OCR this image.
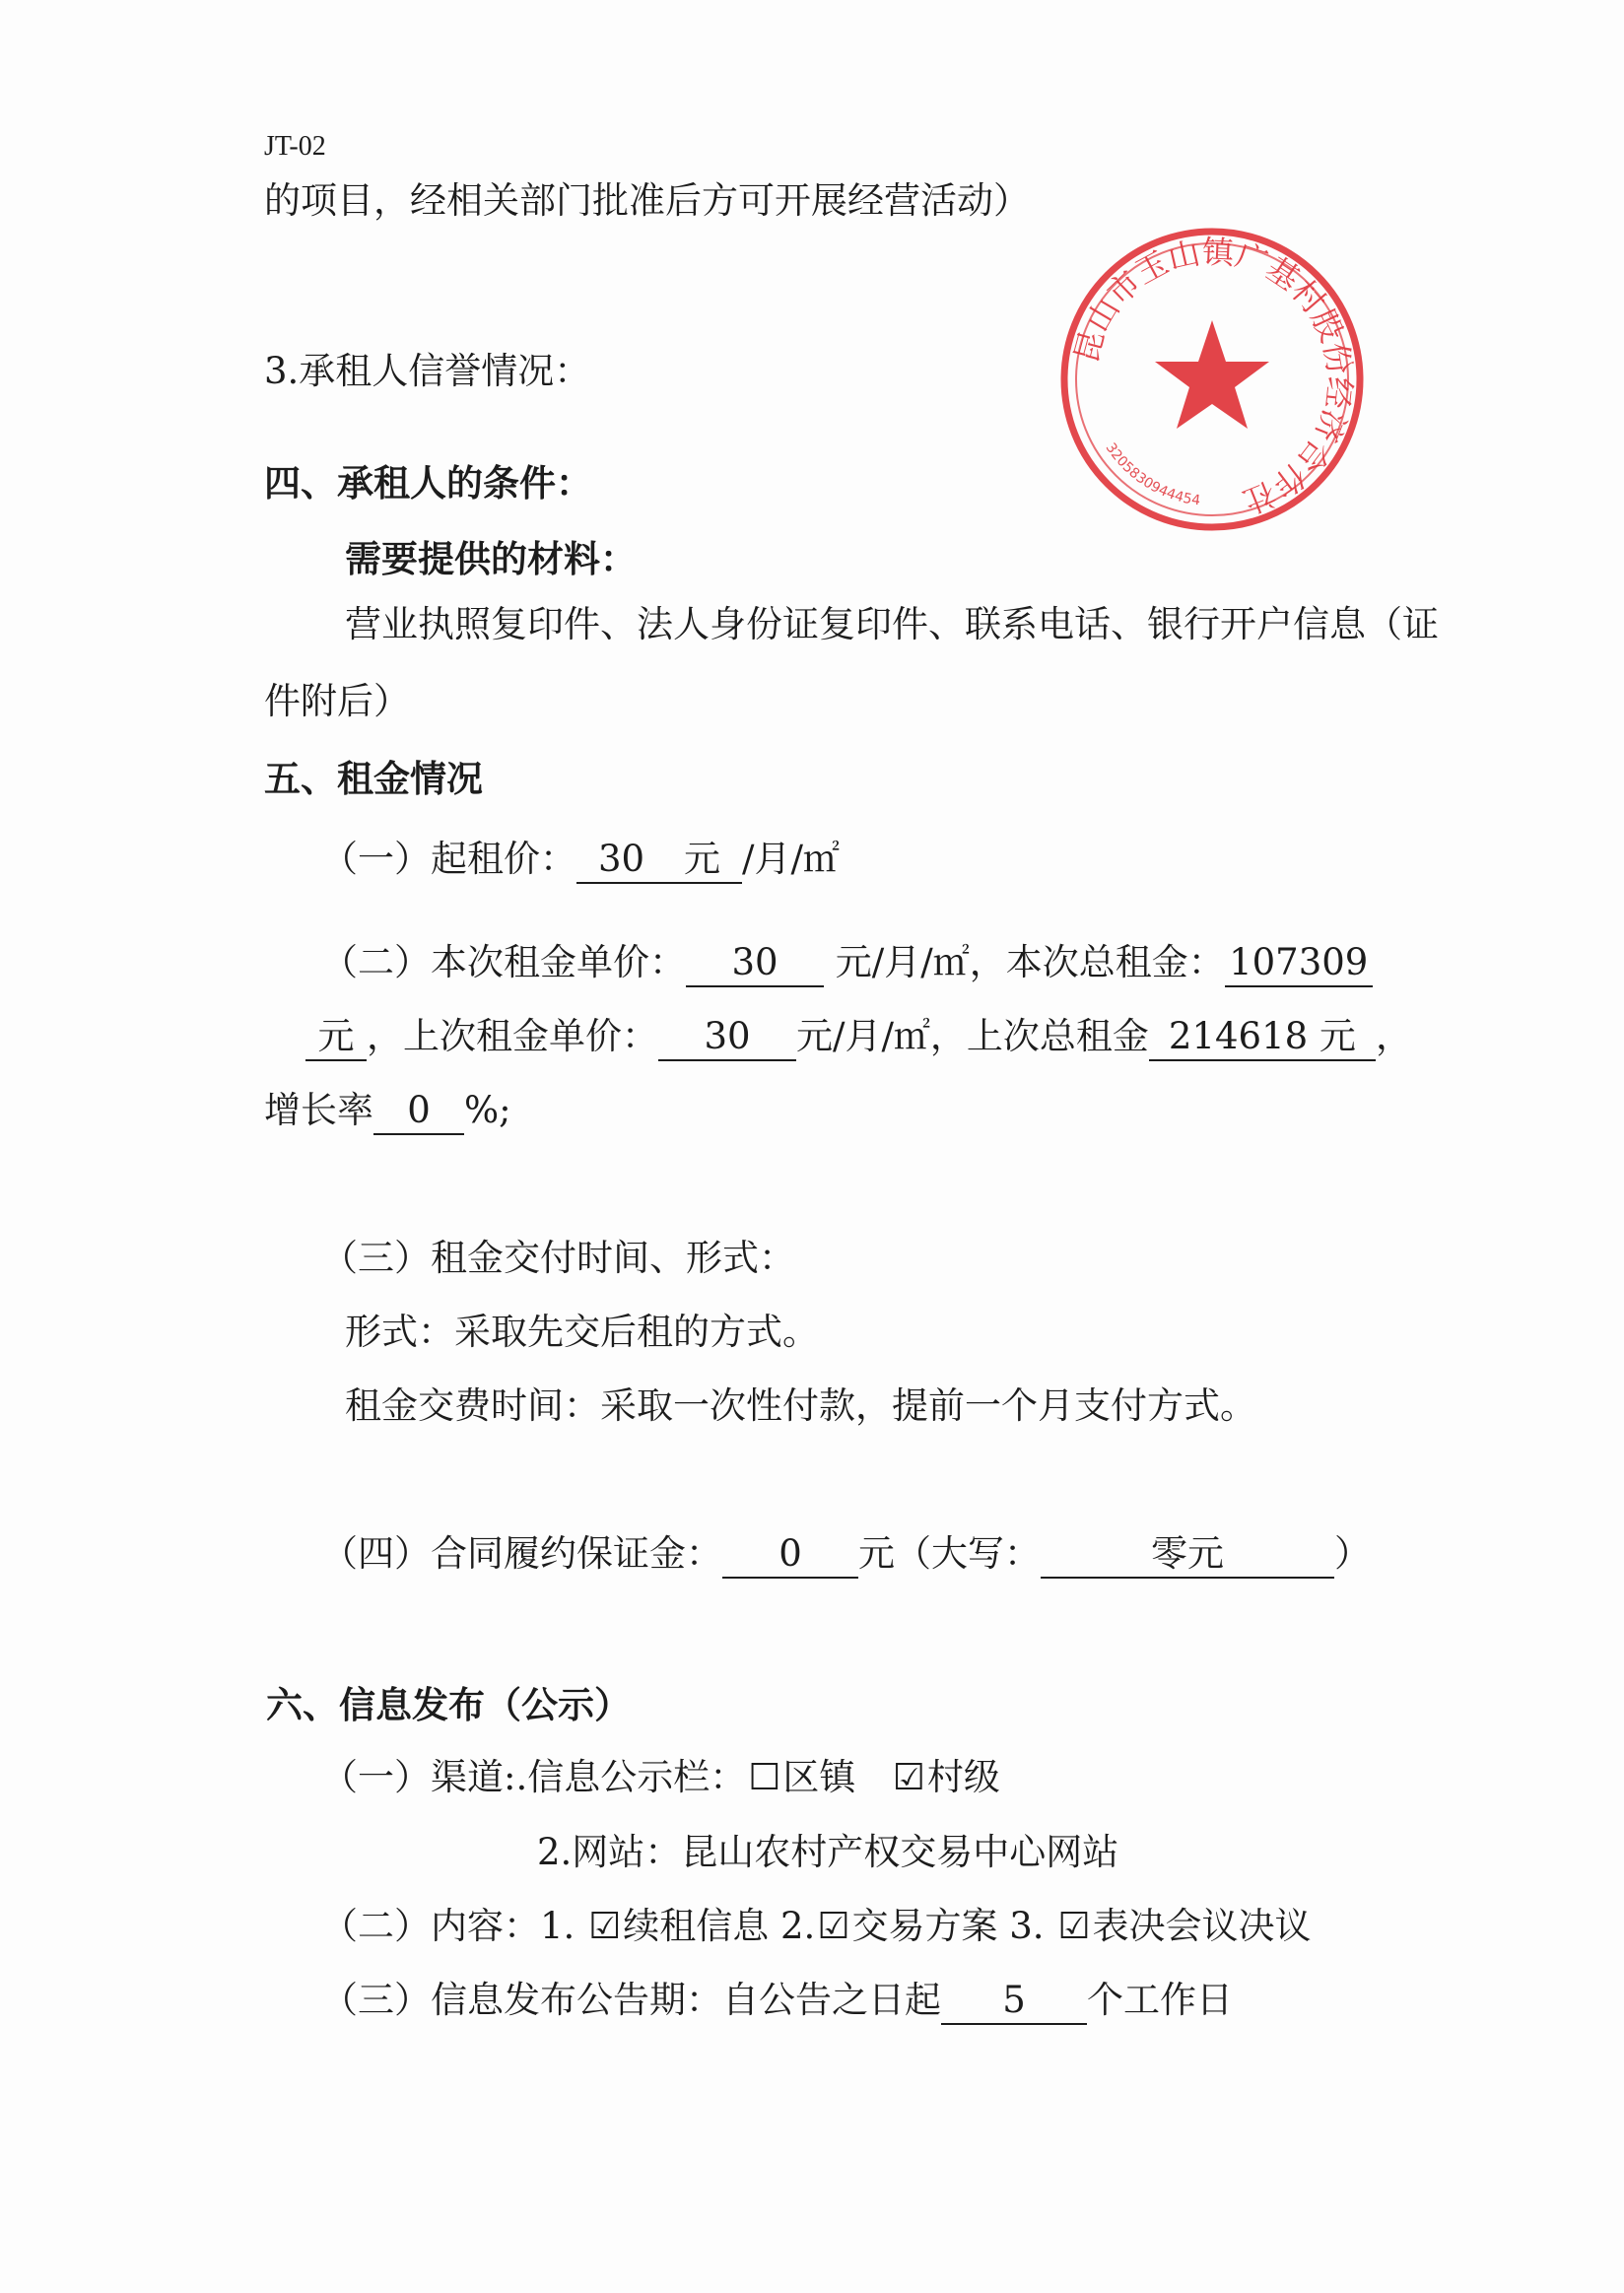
JT-02
的项目，经相关部门批准后方可开展经营活动）
昆山市玉山镇广基村股份经济合作社
3205830944454
3.承租人信誉情况：
四、承租人的条件：
需要提供的材料：
营业执照复印件、法人身份证复印件、联系电话、银行开户信息（证
件附后）
五、租金情况
（一）起租价： 30 元 /月/㎡
（二）本次租金单价： 30 元/月/㎡，本次总租金： 107309
元 ，上次租金单价： 30 元/月/㎡，上次总租金 214618 元 ，
增长率 0 %;
（三）租金交付时间、形式：
形式：采取先交后租的方式。
租金交费时间：采取一次性付款，提前一个月支付方式。
（四）合同履约保证金： 0 元（大写：	零元	）
六、信息发布（公示）
（一）渠道:.信息公示栏：☐区镇 ☑村级
2.网站：昆山农村产权交易中心网站
（二）内容：1. ☑续租信息 2.☑交易方案 3. ☑表决会议决议
（三）信息发布公告期：自公告之日起 5 个工作日
